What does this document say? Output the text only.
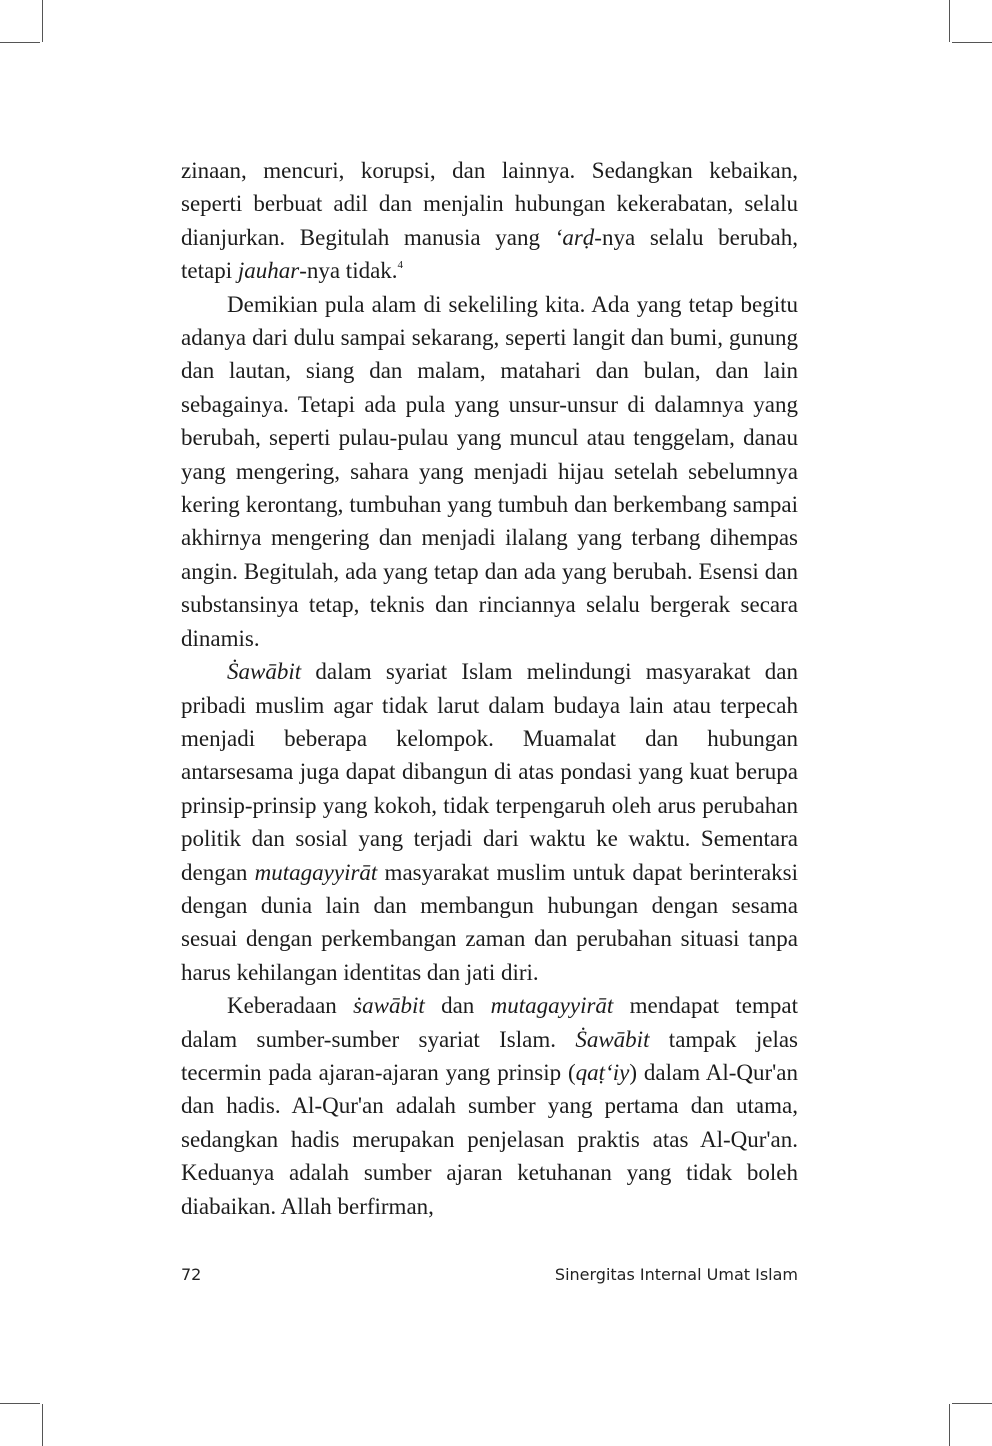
zinaan, mencuri, korupsi, dan lainnya. Sedangkan kebaikan, seperti berbuat adil dan menjalin hubungan kekerabatan, selalu dianjurkan. Begitulah manusia yang ‘arḍ-nya selalu berubah, tetapi jauhar-nya tidak.$^4$

Demikian pula alam di sekeliling kita. Ada yang tetap begitu adanya dari dulu sampai sekarang, seperti langit dan bumi, gunung dan lautan, siang dan malam, matahari dan bulan, dan lain sebagainya. Tetapi ada pula yang unsur-unsur di dalamnya yang berubah, seperti pulau-pulau yang muncul atau tenggelam, danau yang mengering, sahara yang menjadi hijau setelah sebelumnya kering kerontang, tumbuhan yang tumbuh dan berkembang sampai akhirnya mengering dan menjadi ilalang yang terbang dihempas angin. Begitulah, ada yang tetap dan ada yang berubah. Esensi dan substansinya tetap, teknis dan rinciannya selalu bergerak secara dinamis.

Ṡawābit dalam syariat Islam melindungi masyarakat dan pribadi muslim agar tidak larut dalam budaya lain atau terpecah menjadi beberapa kelompok. Muamalat dan hubungan antarsesama juga dapat dibangun di atas pondasi yang kuat berupa prinsip-prinsip yang kokoh, tidak terpengaruh oleh arus perubahan politik dan sosial yang terjadi dari waktu ke waktu. Sementara dengan mutagayyirāt masyarakat muslim untuk dapat berinteraksi dengan dunia lain dan membangun hubungan dengan sesama sesuai dengan perkembangan zaman dan perubahan situasi tanpa harus kehilangan identitas dan jati diri.

Keberadaan ṡawābit dan mutagayyirāt mendapat tempat dalam sumber-sumber syariat Islam. Ṡawābit tampak jelas tecermin pada ajaran-ajaran yang prinsip (qaṭ‘iy) dalam Al-Qur'an dan hadis. Al-Qur'an adalah sumber yang pertama dan utama, sedangkan hadis merupakan penjelasan praktis atas Al-Qur'an. Keduanya adalah sumber ajaran ketuhanan yang tidak boleh diabaikan. Allah berfirman,

72	Sinergitas Internal Umat Islam
